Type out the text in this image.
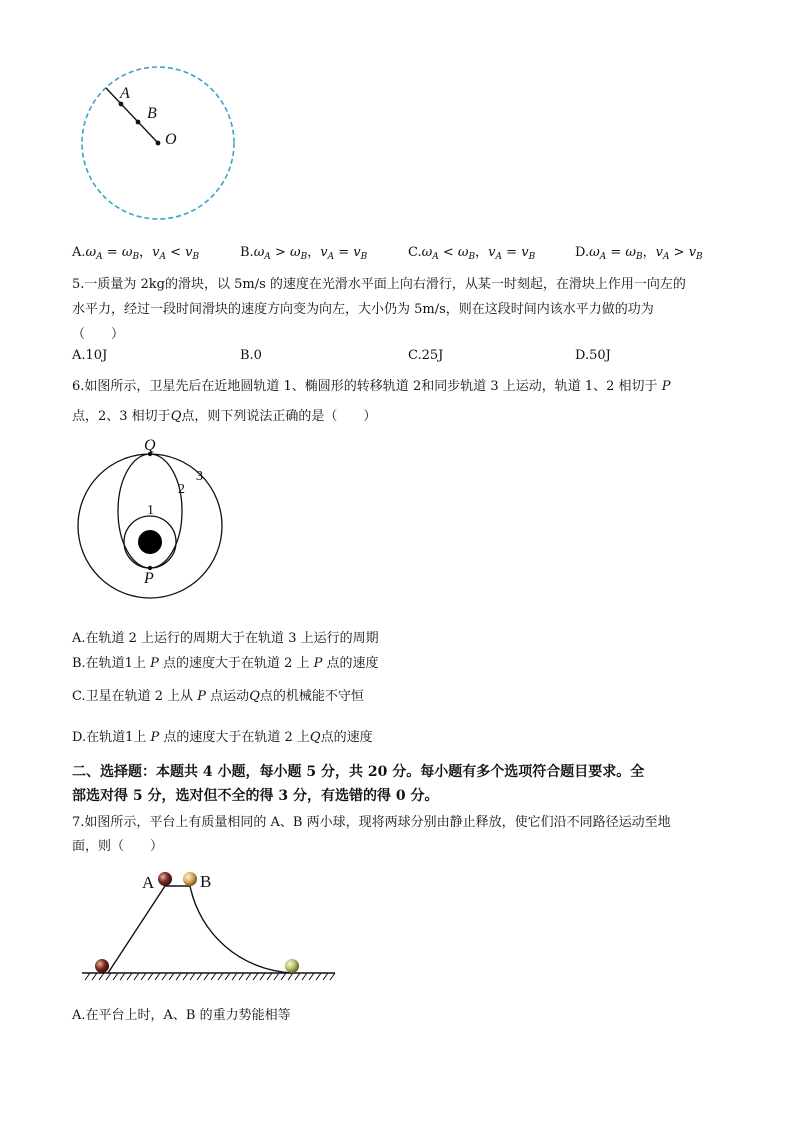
A
B
O
$A.\omega_A = \omega_B$，$v_A < v_B$	$B.\omega_A > \omega_B$，$v_A = v_B$	$C.\omega_A < \omega_B$，$v_A = v_B$	$D.\omega_A = \omega_B$，$v_A > v_B$
5.一质量为 2kg的滑块，以 5m/s 的速度在光滑水平面上向右滑行，从某一时刻起，在滑块上作用一向左的
水平力，经过一段时间滑块的速度方向变为向左，大小仍为 5m/s，则在这段时间内该水平力做的功为
（　　）
A.10J	B.0	C.25J	D.50J
6.如图所示，卫星先后在近地圆轨道 1、椭圆形的转移轨道 2和同步轨道 3 上运动，轨道 1、2 相切于 P
点，2、3 相切于Q点，则下列说法正确的是（　　）
Q
P
1
2
3
A.在轨道 2 上运行的周期大于在轨道 3 上运行的周期
B.在轨道1上 P 点的速度大于在轨道 2 上 P 点的速度
C.卫星在轨道 2 上从 P 点运动Q点的机械能不守恒
D.在轨道1上 P 点的速度大于在轨道 2 上Q点的速度
二、选择题：本题共 4 小题，每小题 5 分，共 20 分。每小题有多个选项符合题目要求。全
部选对得 5 分，选对但不全的得 3 分，有选错的得 0 分。
7.如图所示，平台上有质量相同的 A、B 两小球，现将两球分别由静止释放，使它们沿不同路径运动至地
面，则（　　）
A	B
A.在平台上时，A、B 的重力势能相等
